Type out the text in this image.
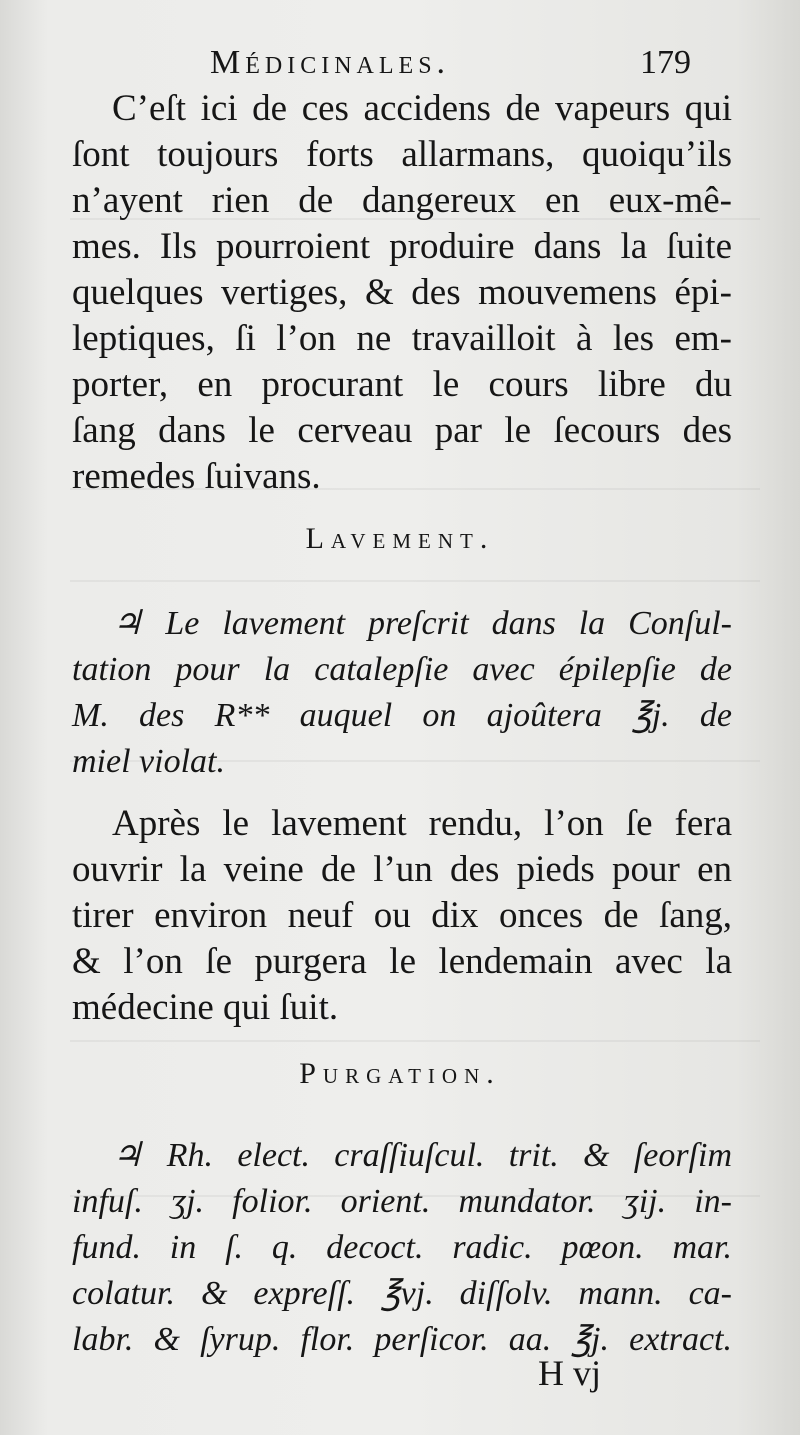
Médicinales.	179
C’eſt ici de ces accidens de vapeurs qui
ſont toujours forts allarmans, quoiqu’ils
n’ayent rien de dangereux en eux-mê-
mes. Ils pourroient produire dans la ſuite
quelques vertiges, & des mouvemens épi-
leptiques, ſi l’on ne travailloit à les em-
porter, en procurant le cours libre du
ſang dans le cerveau par le ſecours des
remedes ſuivans.
Lavement.
♃ Le lavement preſcrit dans la Conſul-
tation pour la catalepſie avec épilepſie de
M. des R** auquel on ajoûtera ℥j. de
miel violat.
Après le lavement rendu, l’on ſe fera
ouvrir la veine de l’un des pieds pour en
tirer environ neuf ou dix onces de ſang,
& l’on ſe purgera le lendemain avec la
médecine qui ſuit.
Purgation.
♃ Rh. elect. craſſiuſcul. trit. & ſeorſim
infuſ. ʒj. folior. orient. mundator. ʒij. in-
fund. in ſ. q. decoct. radic. pœon. mar.
colatur. & expreſſ. ℥vj. diſſolv. mann. ca-
labr. & ſyrup. flor. perſicor. aa. ℥j. extract.
H vj
